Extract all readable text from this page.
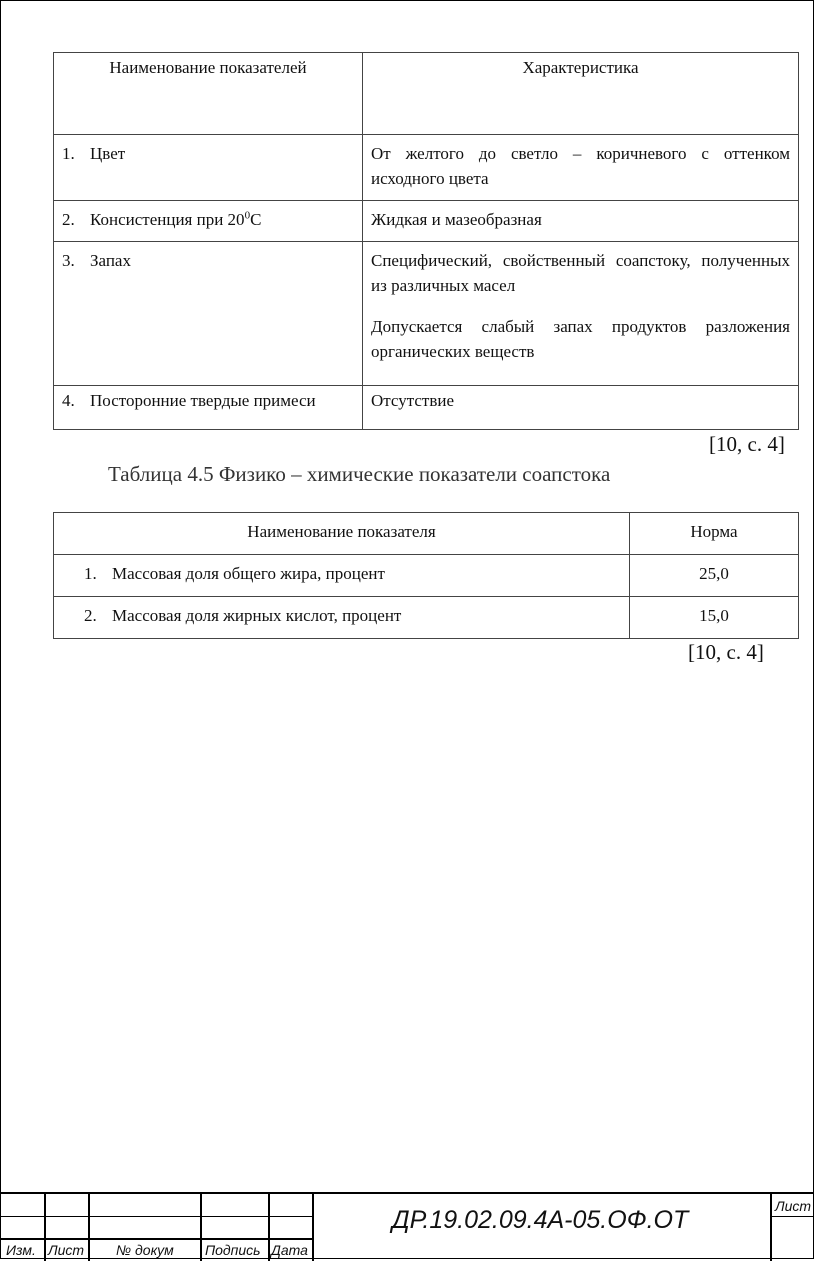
Наименование показателей	Характеристика
1. Цвет	От желтого до светло – коричневого с оттенком исходного цвета
2. Консистенция при $20^0С$	Жидкая и мазеобразная
3. Запах	Специфический, свойственный соапстоку, полученных из различных масел

Допускается слабый запах продуктов разложения органических веществ

4. Посторонние твердые примеси	Отсутствие
[10, с. 4]
Таблица 4.5 Физико – химические показатели соапстока
Наименование показателя	Норма
1. Массовая доля общего жира, процент	25,0
2. Массовая доля жирных кислот, процент	15,0
[10, с. 4]
Изм. Лист № докум Подпись Дата
ДР.19.02.09.4А-05.ОФ.ОТ	Лист
